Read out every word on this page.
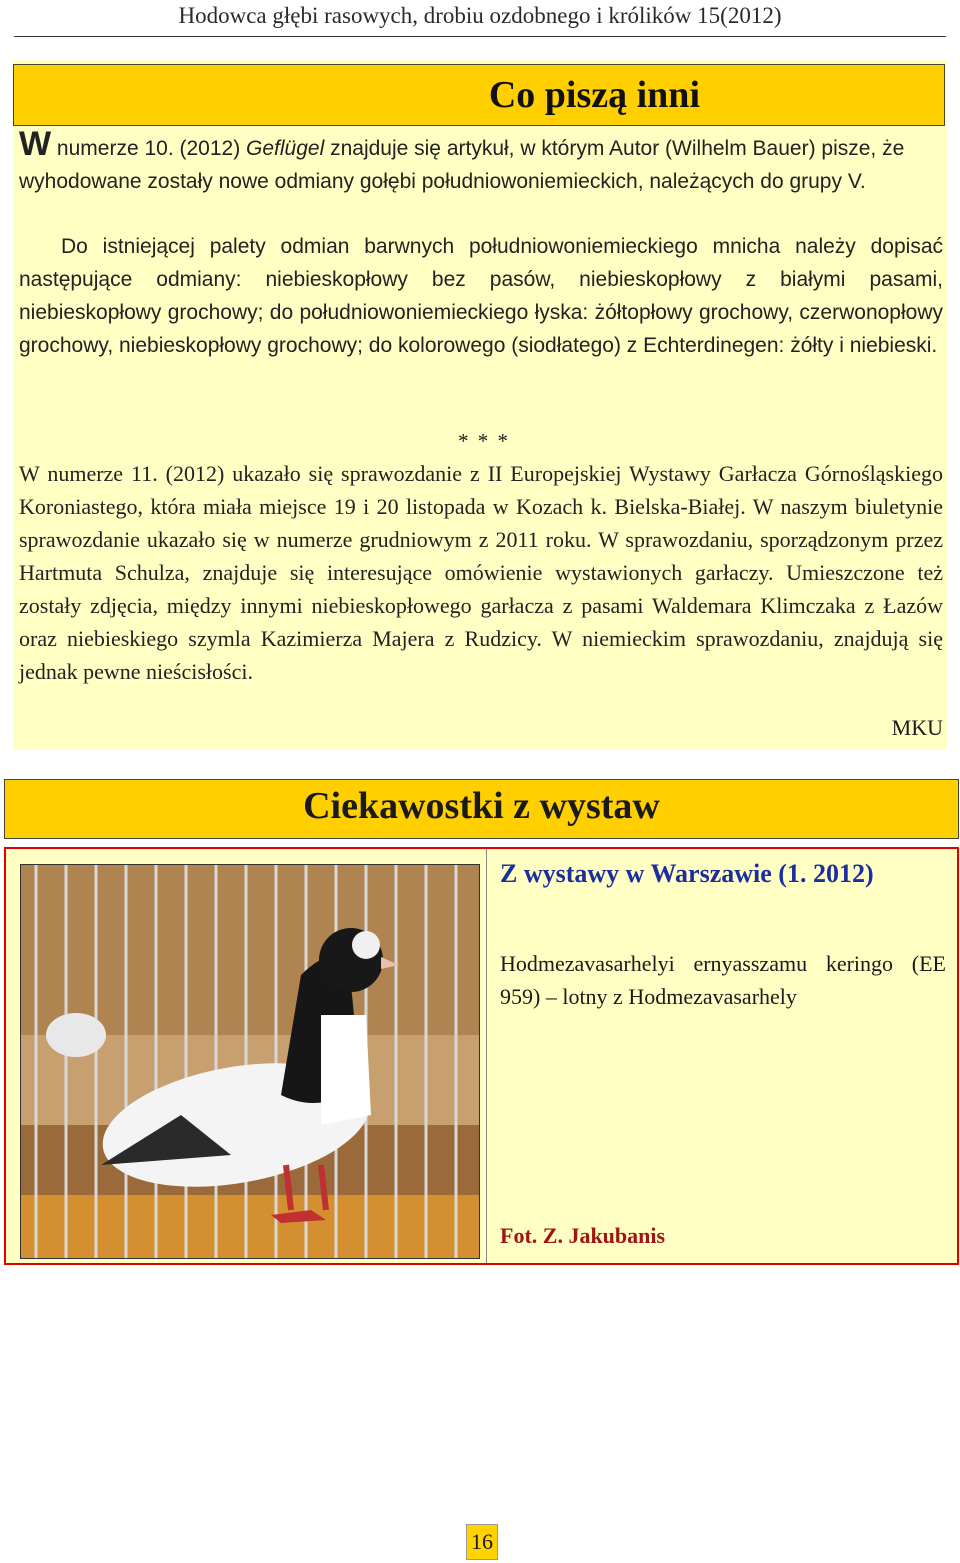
Hodowca głębi rasowych, drobiu ozdobnego i królików 15(2012)
Co piszą inni

W numerze 10. (2012) Geflügel znajduje się artykuł, w którym Autor (Wilhelm Bauer) pisze, że wyhodowane zostały nowe odmiany gołębi południowoniemieckich, należących do grupy V.

Do istniejącej palety odmian barwnych południowoniemieckiego mnicha należy dopisać następujące odmiany: niebieskopłowy bez pasów, niebieskopłowy z białymi pasami, niebieskopłowy grochowy; do południowoniemieckiego łyska: żółtopłowy grochowy, czerwonopłowy grochowy, niebieskopłowy grochowy; do kolorowego (siodłatego) z Echterdinegen: żółty i niebieski.

* * *

W numerze 11. (2012) ukazało się sprawozdanie z II Europejskiej Wystawy Garłacza Górnośląskiego Koroniastego, która miała miejsce 19 i 20 listopada w Kozach k. Bielska-Białej. W naszym biuletynie sprawozdanie ukazało się w numerze grudniowym z 2011 roku. W sprawozdaniu, sporządzonym przez Hartmuta Schulza, znajduje się interesujące omówienie wystawionych garłaczy. Umieszczone też zostały zdjęcia, między innymi niebieskopłowego garłacza z pasami Waldemara Klimczaka z Łazów oraz niebieskiego szymla Kazimierza Majera z Rudzicy. W niemieckim sprawozdaniu, znajdują się jednak pewne nieścisłości.

MKU
Ciekawostki z wystaw
Z wystawy w Warszawie (1. 2012)
Hodmezavasarhelyi ernyasszamu keringo (EE 959) – lotny z Hodmezavasarhely
Fot. Z. Jakubanis
16
